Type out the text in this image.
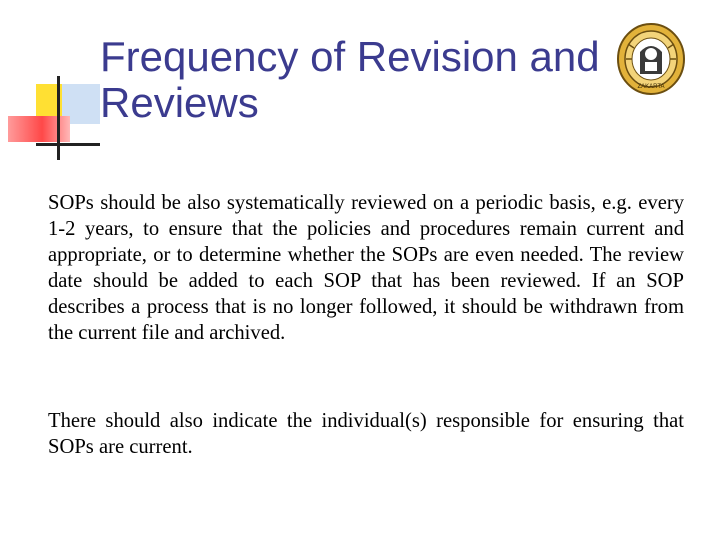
Frequency of Revision and
Reviews	ZAKARTA

SOPs should be also systematically reviewed on a periodic basis, e.g. every 1-2 years, to ensure that the policies and procedures remain current and appropriate, or to determine whether the SOPs are even needed. The review date should be added to each SOP that has been reviewed. If an SOP describes a process that is no longer followed, it should be withdrawn from the current file and archived.

There should also indicate the individual(s) responsible for ensuring that SOPs are current.
